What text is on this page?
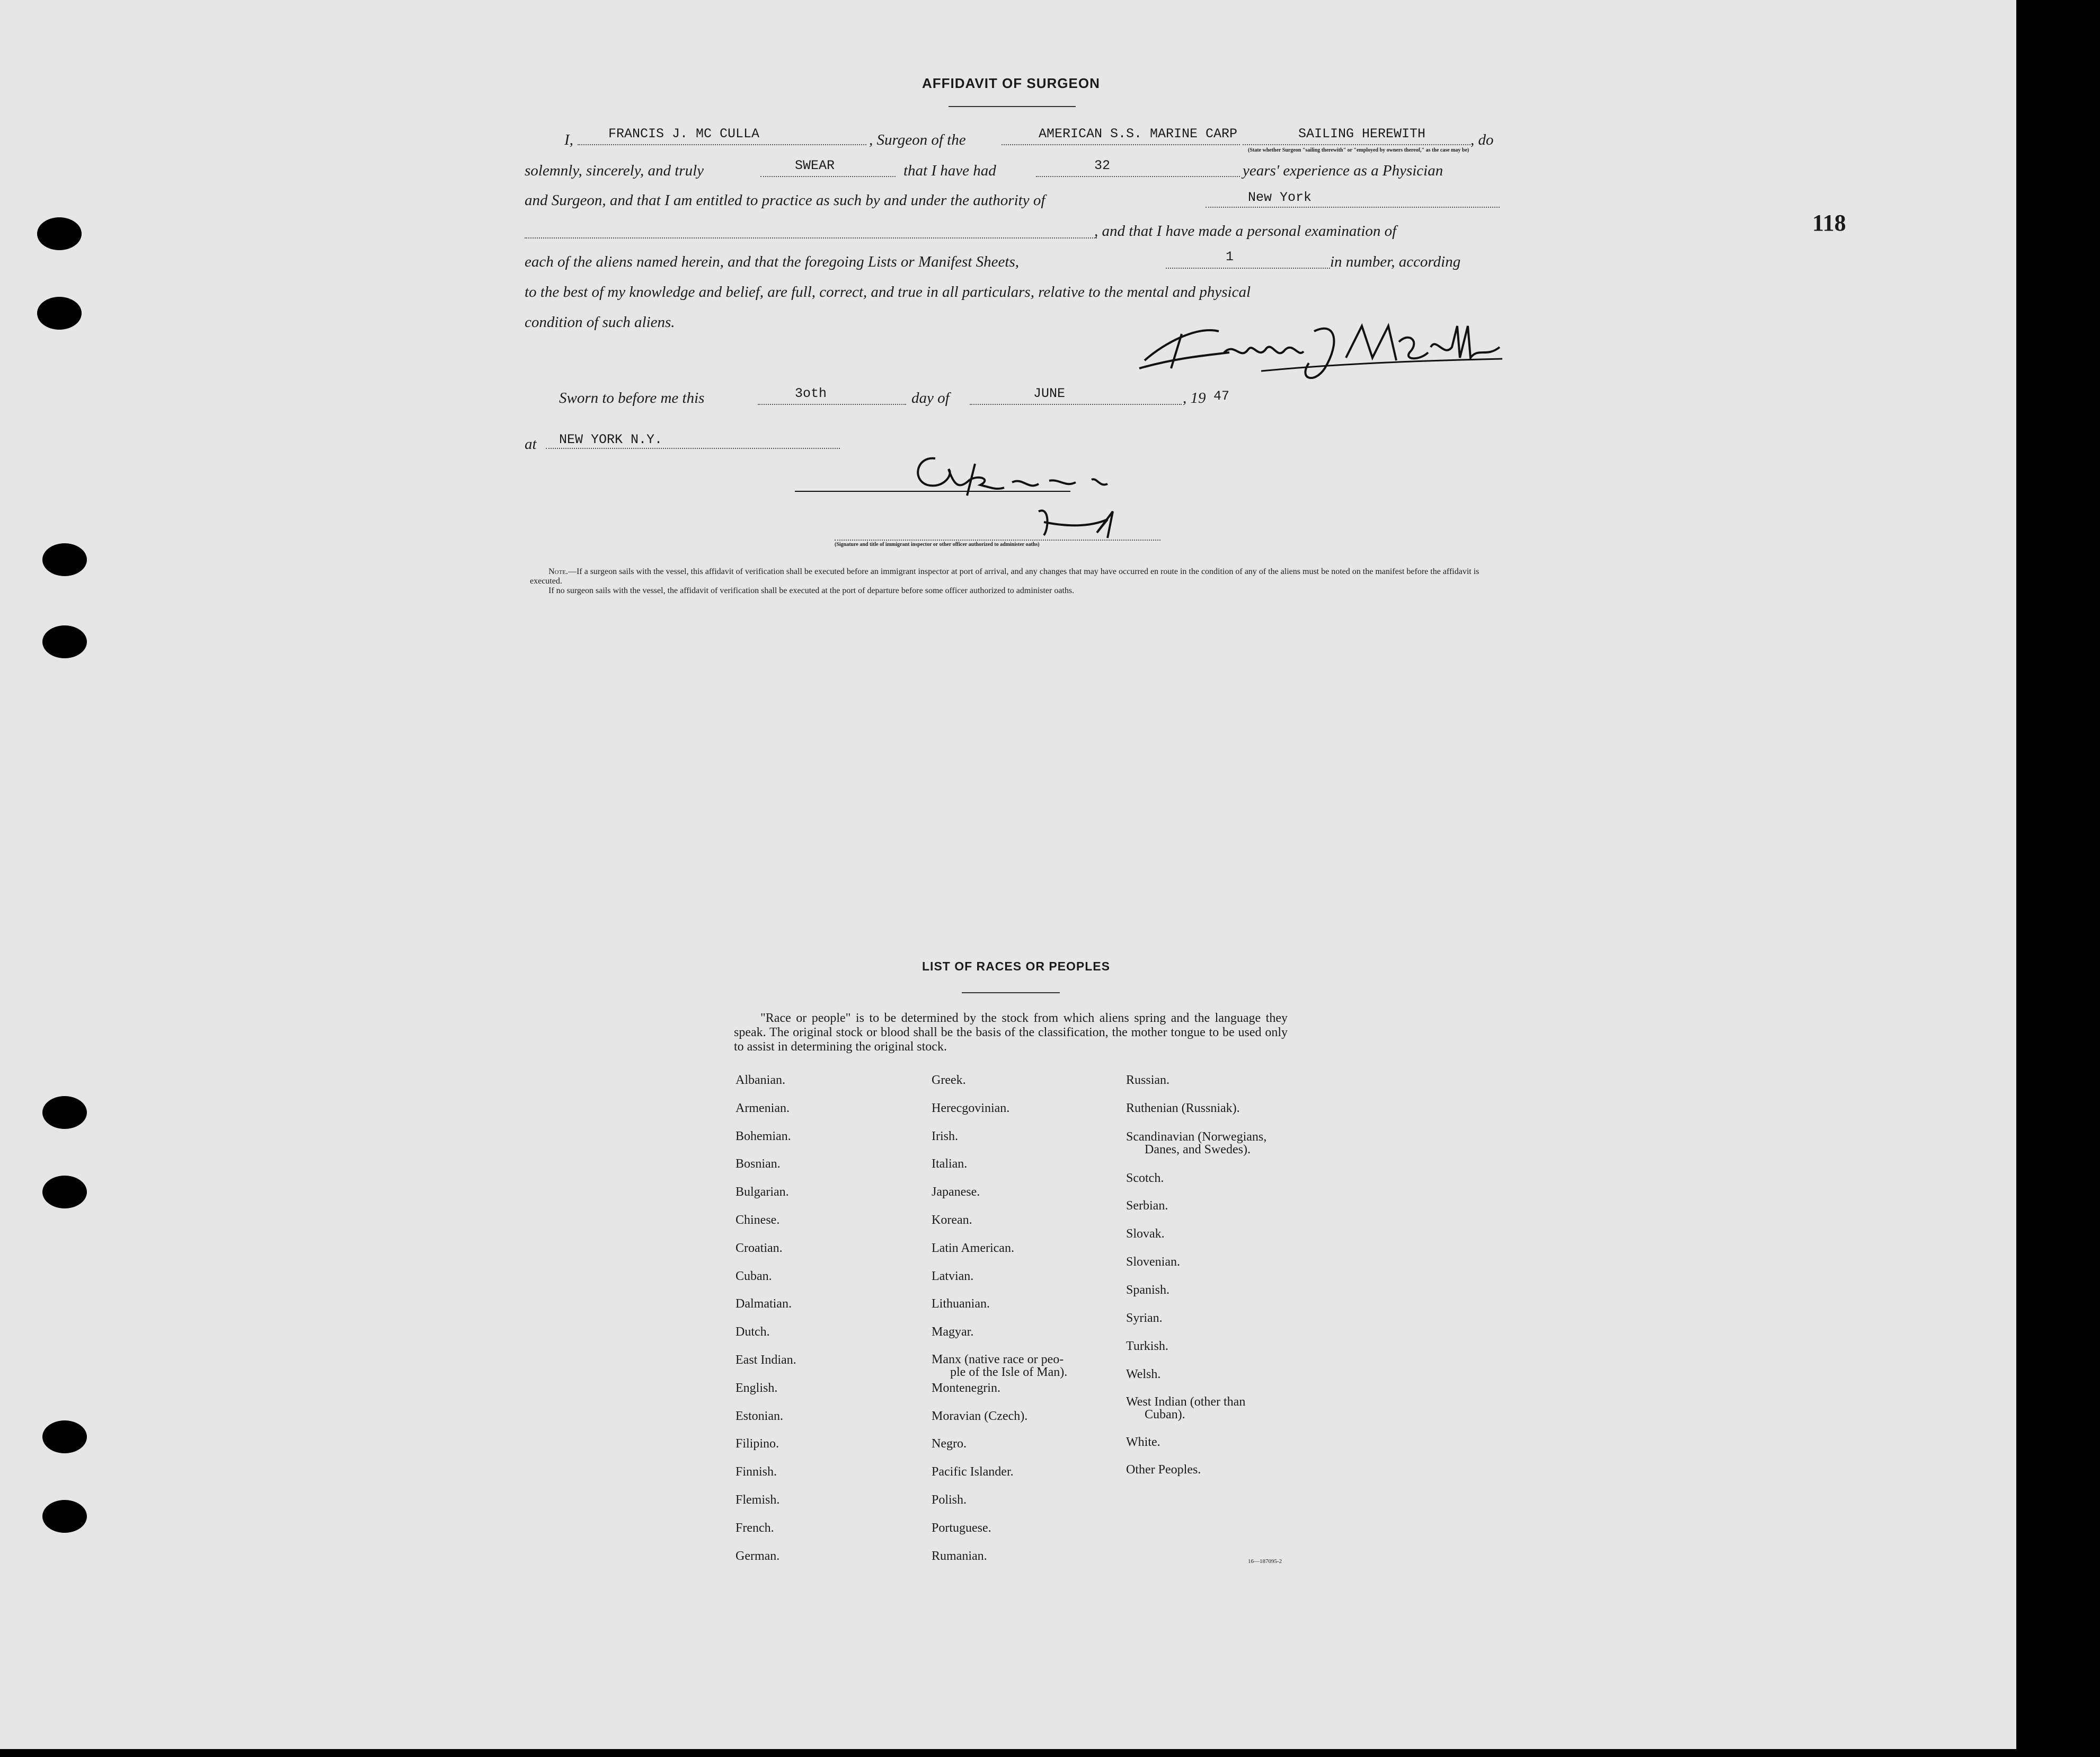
118
AFFIDAVIT OF SURGEON
I,	FRANCIS J. MC CULLA	, Surgeon of the	AMERICAN S.S. MARINE CARP	SAILING HEREWITH
(State whether Surgeon "sailing therewith" or "employed by owners thereof," as the case may be)
, do
solemnly, sincerely, and truly	SWEAR	that I have had	32	years' experience as a Physician
and Surgeon, and that I am entitled to practice as such by and under the authority of	New York
, and that I have made a personal examination of
each of the aliens named herein, and that the foregoing Lists or Manifest Sheets,	1	in number, according
to the best of my knowledge and belief, are full, correct, and true in all particulars, relative to the mental and physical
condition of such aliens.
Sworn to before me this	3oth	day of	JUNE	, 19 47
at NEW YORK N.Y.
(Signature and title of immigrant inspector or other officer authorized to administer oaths)
Note.—If a surgeon sails with the vessel, this affidavit of verification shall be executed before an immigrant inspector at port of arrival, and any changes that may have occurred en route in the condition of any of the aliens must be noted on the manifest before the affidavit is executed.
If no surgeon sails with the vessel, the affidavit of verification shall be executed at the port of departure before some officer authorized to administer oaths.
LIST OF RACES OR PEOPLES
"Race or people" is to be determined by the stock from which aliens spring and the language they speak. The original stock or blood shall be the basis of the classification, the mother tongue to be used only to assist in determining the original stock.
Albanian.
Armenian.
Bohemian.
Bosnian.
Bulgarian.
Chinese.
Croatian.
Cuban.
Dalmatian.
Dutch.
East Indian.
English.
Estonian.
Filipino.
Finnish.
Flemish.
French.
German.
Greek.
Herecgovinian.
Irish.
Italian.
Japanese.
Korean.
Latin American.
Latvian.
Lithuanian.
Magyar.
Manx (native race or peo-
ple of the Isle of Man).
Montenegrin.
Moravian (Czech).
Negro.
Pacific Islander.
Polish.
Portuguese.
Rumanian.
Russian.
Ruthenian (Russniak).
Scandinavian (Norwegians,
Danes, and Swedes).
Scotch.
Serbian.
Slovak.
Slovenian.
Spanish.
Syrian.
Turkish.
Welsh.
West Indian (other than
Cuban).
White.
Other Peoples.
16—187095-2
